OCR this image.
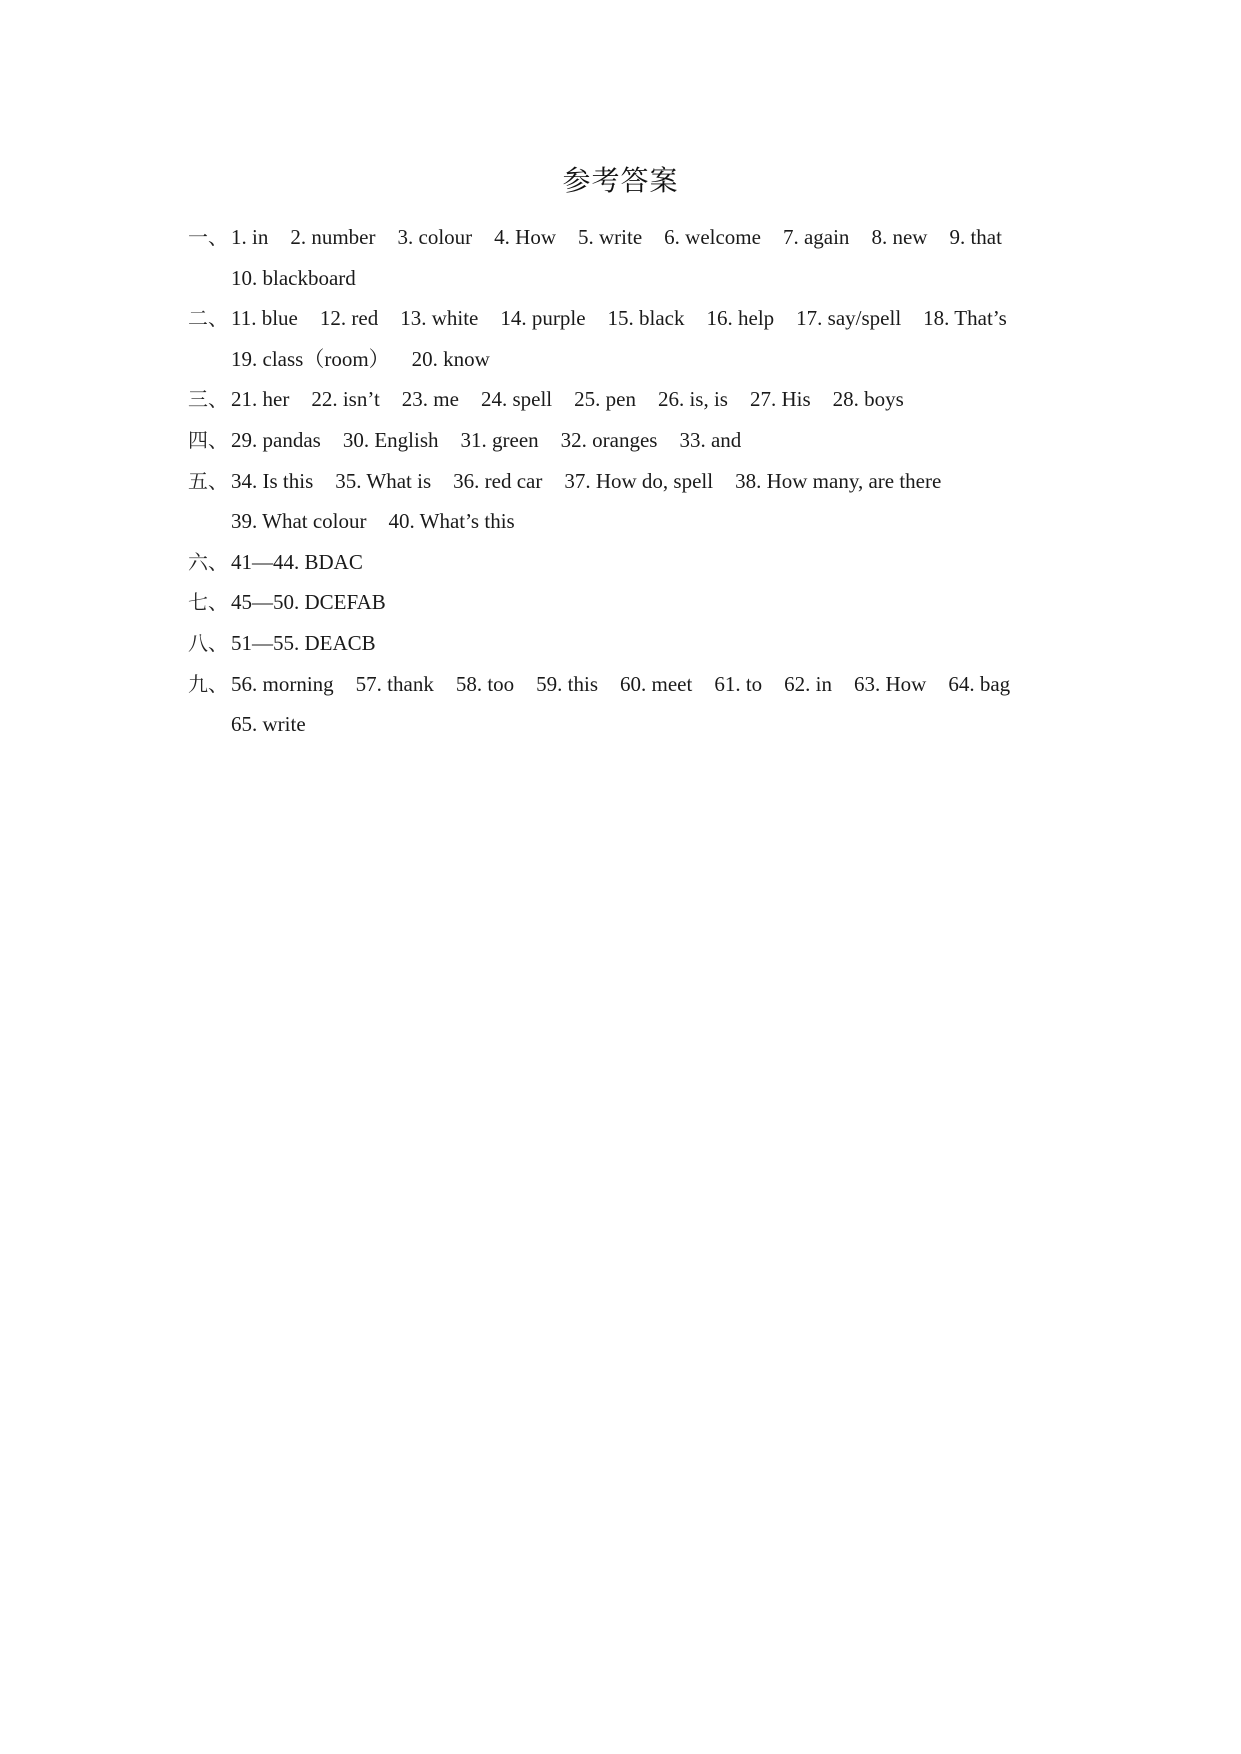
参考答案
一、 1. in 2. number 3. colour 4. How 5. write 6. welcome 7. again 8. new 9. that
10. blackboard
二、 11. blue 12. red 13. white 14. purple 15. black 16. help 17. say/spell 18. That’s
19. class（room） 20. know
三、 21. her 22. isn’t 23. me 24. spell 25. pen 26. is, is 27. His 28. boys
四、 29. pandas 30. English 31. green 32. oranges 33. and
五、 34. Is this 35. What is 36. red car 37. How do, spell 38. How many, are there
39. What colour 40. What’s this
六、 41—44. BDAC
七、 45—50. DCEFAB
八、 51—55. DEACB
九、 56. morning 57. thank 58. too 59. this 60. meet 61. to 62. in 63. How 64. bag
65. write
